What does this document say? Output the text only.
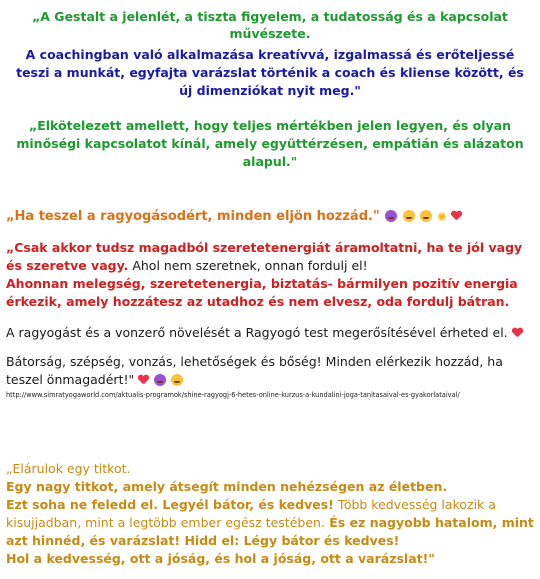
„A Gestalt a jelenlét, a tiszta figyelem, a tudatosság és a kapcsolat művészete.

A coachingban való alkalmazása kreatívvá, izgalmassá és erőteljessé teszi a munkát, egyfajta varázslat történik a coach és kliense között, és új dimenziókat nyit meg."

„Elkötelezett amellett, hogy teljes mértékben jelen legyen, és olyan minőségi kapcsolatot kínál, amely együttérzésen, empátián és alázaton alapul."

„Ha teszel a ragyogásodért, minden eljön hozzád."	✺

„Csak akkor tudsz magadból szeretetenergiát áramoltatni, ha te jól vagy és szeretve vagy. Ahol nem szeretnek, onnan fordulj el!

Ahonnan melegség, szeretetenergia, biztatás- bármilyen pozitív energia érkezik, amely hozzátesz az utadhoz és nem elvesz, oda fordulj bátran.

A ragyogást és a vonzerő növelését a Ragyogó test megerősítésével érheted el.
Bátorság, szépség, vonzás, lehetőségek és bőség! Minden elérkezik hozzád, ha teszel önmagadért!"
http://www.simratyogaworld.com/aktualis-programok/shine-ragyogj-6-hetes-online-kurzus-a-kundalini-joga-tanitasaival-es-gyakorlataival/

„Elárulok egy titkot.

Egy nagy titkot, amely átsegít minden nehézségen az életben.

Ezt soha ne feledd el. Legyél bátor, és kedves! Több kedvesség lakozik a kisujjadban, mint a legtöbb ember egész testében. És ez nagyobb hatalom, mint azt hinnéd, és varázslat! Hidd el: Légy bátor és kedves!

Hol a kedvesség, ott a jóság, és hol a jóság, ott a varázslat!"
